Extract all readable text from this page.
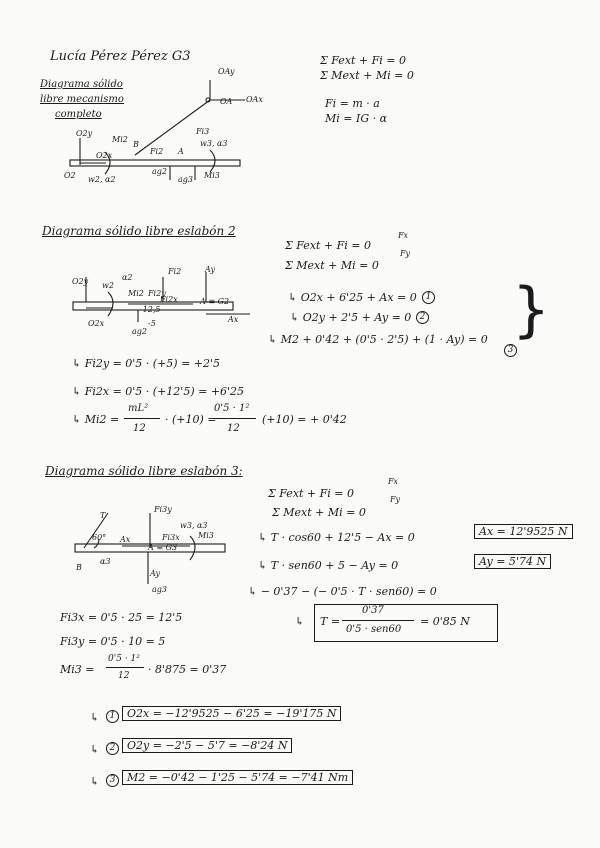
Lucía Pérez Pérez G3
Diagrama sólido
libre mecanismo
completo
OAy
OA OAx
O2y
O2x
Mi2
B
O2 w2, α2
ag2
Fi2
Fi3
w3, α3
A
Mi3
ag3
Σ Fext + Fi = 0
Σ Mext + Mi = 0
Fi = m · a
Mi = IG · α
Diagrama sólido libre eslabón 2
Σ Fext + Fi = 0
Σ Mext + Mi = 0
Fx
Fy
O2y w2
α2
Mi2 Fi2y
Fi2	Ay
Fi2x	A ≡ G2
Ax
O2x	-5
-12,5
ag2
↳ O2x + 6'25 + Ax = 0 1
↳ O2y + 2'5 + Ay = 0 2
↳ M2 + 0'42 + (0'5 · 2'5) + (1 · Ay) = 0
3
}
↳ Fi2y = 0'5 · (+5) = +2'5
↳ Fi2x = 0'5 · (+12'5) = +6'25
↳ Mi2 =
mL²
12
· (+10) =
0'5 · 1²
12
(+10) = + 0'42
Diagrama sólido libre eslabón 3:
Σ Fext + Fi = 0
Σ Mext + Mi = 0
Fx
Fy
T
Fi3y
w3, α3
60° Ax	Fi3x
A ≡ G3
Mi3
B
α3
Ay
ag3
↳ T · cos60 + 12'5 − Ax = 0
↳ T · sen60 + 5 − Ay = 0
↳ − 0'37 − (− 0'5 · T · sen60) = 0
Ax = 12'9525 N
Ay = 5'74 N
↳ T =
0'37
0'5 · sen60
= 0'85 N
Fi3x = 0'5 · 25 = 12'5
Fi3y = 0'5 · 10 = 5
Mi3 =
0'5 · 1²
12 · 8'875 = 0'37
↳	1	O2x = −12'9525 − 6'25 = −19'175 N
↳	2	O2y = −2'5 − 5'7 = −8'24 N
↳	3	M2 = −0'42 − 1'25 − 5'74 = −7'41 Nm
